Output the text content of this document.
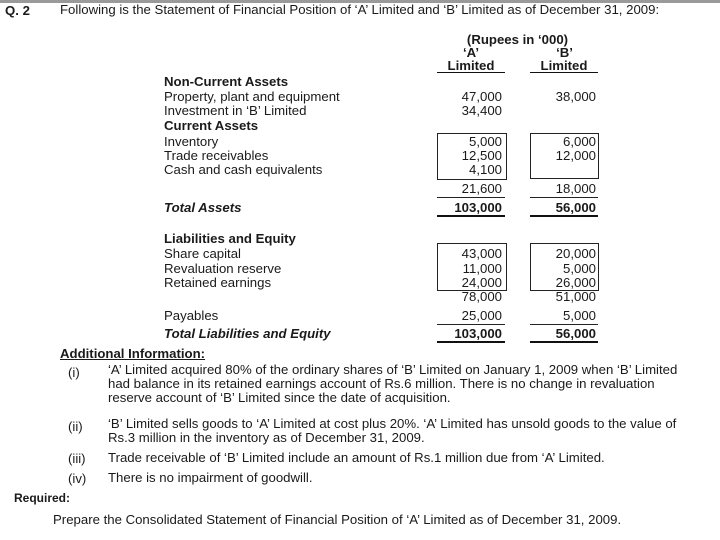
Q. 2 Following is the Statement of Financial Position of ‘A’ Limited and ‘B’ Limited as of December 31, 2009:
(Rupees in ‘000)
‘A’	‘B’
Limited	Limited
Non-Current Assets
Property, plant and equipment	47,000	38,000
Investment in ‘B’ Limited	34,400
Current Assets
Inventory	5,000	6,000
Trade receivables	12,500	12,000
Cash and cash equivalents	4,100
21,600	18,000
Total Assets	103,000	56,000
Liabilities and Equity
Share capital	43,000	20,000
Revaluation reserve	11,000	5,000
Retained earnings	24,000	26,000
78,000	51,000
Payables	25,000	5,000
Total Liabilities and Equity	103,000	56,000
Additional Information:
(i) ‘A’ Limited acquired 80% of the ordinary shares of ‘B’ Limited on January 1, 2009 when ‘B’ Limited had balance in its retained earnings account of Rs.6 million. There is no change in revaluation reserve account of ‘B’ Limited since the date of acquisition.
(ii) ‘B’ Limited sells goods to ‘A’ Limited at cost plus 20%. ‘A’ Limited has unsold goods to the value of Rs.3 million in the inventory as of December 31, 2009.
(iii) Trade receivable of ‘B’ Limited include an amount of Rs.1 million due from ‘A’ Limited.
(iv) There is no impairment of goodwill.
Required:
Prepare the Consolidated Statement of Financial Position of ‘A’ Limited as of December 31, 2009.
